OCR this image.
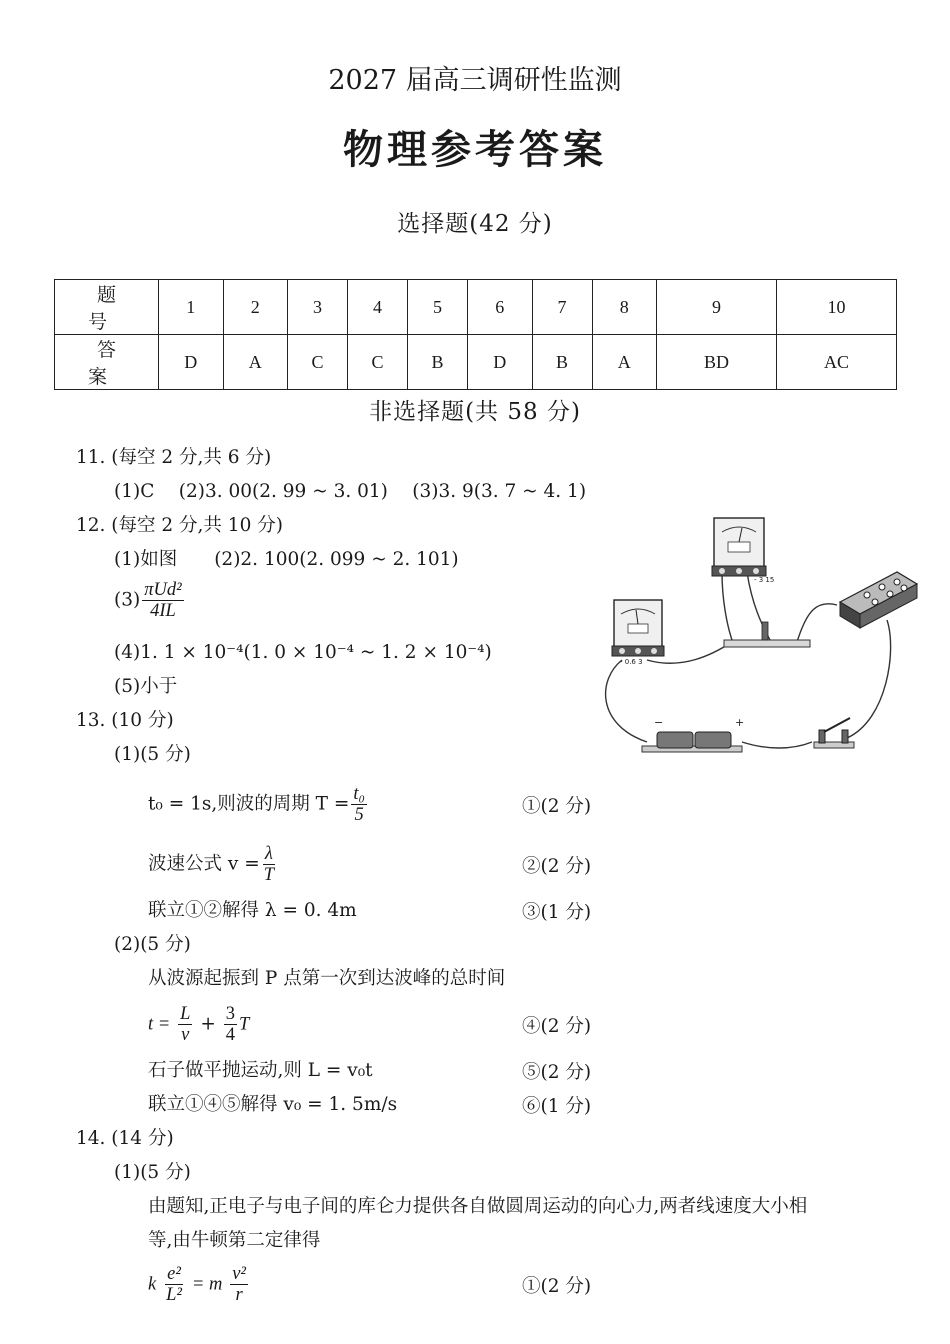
2027 届高三调研性监测
物理参考答案
选择题(42 分)
题 号	1	2	3	4	5	6	7	8	9	10
答 案	D	A	C	C	B	D	B	A	BD	AC
非选择题(共 58 分)
11. (每空 2 分,共 6 分)
(1)C　 (2)3. 00(2. 99 ~ 3. 01)　 (3)3. 9(3. 7 ~ 4. 1)
12. (每空 2 分,共 10 分)
(1)如图　　(2)2. 100(2. 099 ~ 2. 101)
$(3) \frac{\text{πUd²}}{4IL}$
(4)1. 1 × 10⁻⁴(1. 0 × 10⁻⁴ ~ 1. 2 × 10⁻⁴)
(5)小于
13. (10 分)
(1)(5 分)
t₀ = 1s,则波的周期 $T = \frac{\text{t₀}}{5}$	①(2 分)
波速公式 $v = \frac{\lambda}{T}$	②(2 分)
联立①②解得 λ = 0. 4m	③(1 分)
(2)(5 分)
从波源起振到 P 点第一次到达波峰的总时间
$t = \frac{L}{v} + \frac{3}{4}$ T	④(2 分)
石子做平抛运动,则 L = v₀t	⑤(2 分)
联立①④⑤解得 v₀ = 1. 5m/s	⑥(1 分)
14. (14 分)
(1)(5 分)
由题知,正电子与电子间的库仑力提供各自做圆周运动的向心力,两者线速度大小相
等,由牛顿第二定律得
k $\frac{\text{e²}}{\text{L²}} = m \frac{\text{v²}}{r}$	①(2 分)
- 3 15
- 0.6 3
−	+
